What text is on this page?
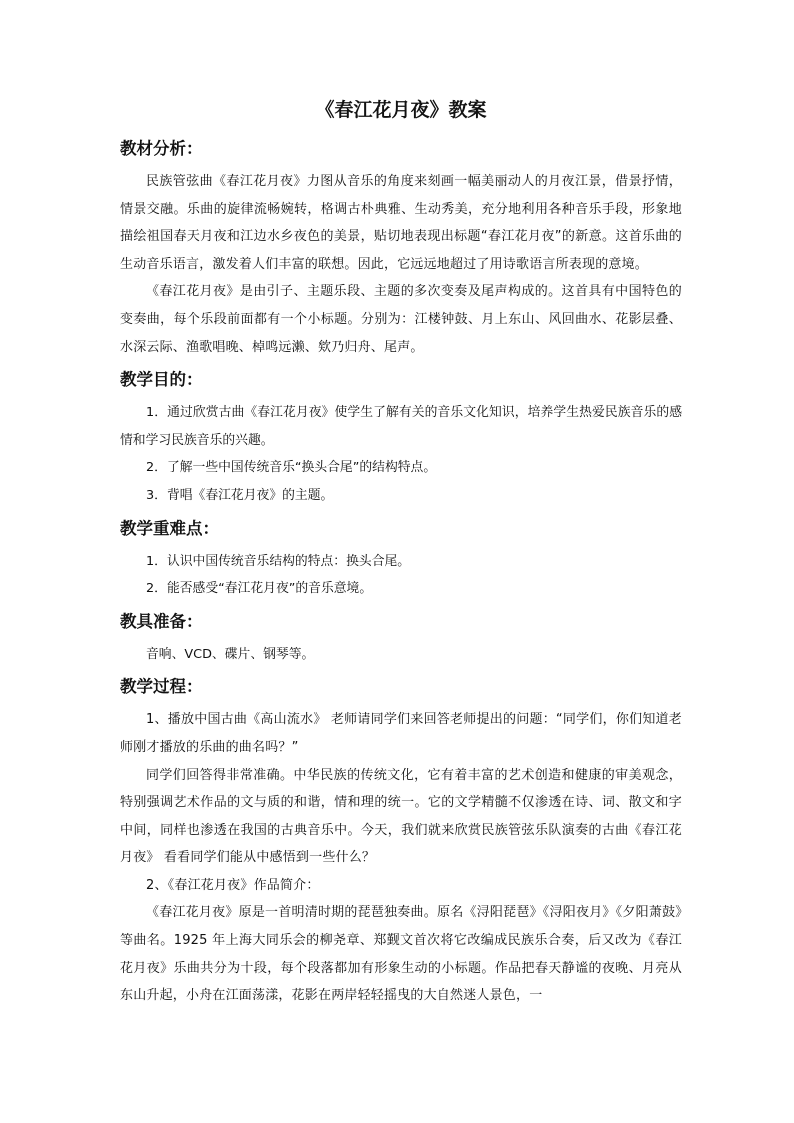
《春江花月夜》教案
教材分析：

民族管弦曲《春江花月夜》力图从音乐的角度来刻画一幅美丽动人的月夜江景，借景抒情，情景交融。乐曲的旋律流畅婉转，格调古朴典雅、生动秀美，充分地利用各种音乐手段，形象地描绘祖国春天月夜和江边水乡夜色的美景，贴切地表现出标题“春江花月夜”的新意。这首乐曲的生动音乐语言，激发着人们丰富的联想。因此，它远远地超过了用诗歌语言所表现的意境。

《春江花月夜》是由引子、主题乐段、主题的多次变奏及尾声构成的。这首具有中国特色的变奏曲，每个乐段前面都有一个小标题。分别为：江楼钟鼓、月上东山、风回曲水、花影层叠、水深云际、渔歌唱晚、棹鸣远濑、欸乃归舟、尾声。

教学目的：

1．通过欣赏古曲《春江花月夜》使学生了解有关的音乐文化知识，培养学生热爱民族音乐的感情和学习民族音乐的兴趣。

2．了解一些中国传统音乐“换头合尾”的结构特点。

3．背唱《春江花月夜》的主题。

教学重难点：

1．认识中国传统音乐结构的特点：换头合尾。

2．能否感受“春江花月夜”的音乐意境。

教具准备：

音响、VCD、碟片、钢琴等。

教学过程：

1、播放中国古曲《高山流水》 老师请同学们来回答老师提出的问题：“同学们，你们知道老师刚才播放的乐曲的曲名吗？”

同学们回答得非常准确。中华民族的传统文化，它有着丰富的艺术创造和健康的审美观念，特别强调艺术作品的文与质的和谐，情和理的统一。它的文学精髓不仅渗透在诗、词、散文和字中间，同样也渗透在我国的古典音乐中。今天，我们就来欣赏民族管弦乐队演奏的古曲《春江花月夜》 看看同学们能从中感悟到一些什么？

2、《春江花月夜》作品简介：

《春江花月夜》原是一首明清时期的琵琶独奏曲。原名《浔阳琵琶》《浔阳夜月》《夕阳萧鼓》等曲名。1925 年上海大同乐会的柳尧章、郑觐文首次将它改编成民族乐合奏，后又改为《春江花月夜》乐曲共分为十段，每个段落都加有形象生动的小标题。作品把春天静谧的夜晚、月亮从东山升起，小舟在江面荡漾，花影在两岸轻轻摇曳的大自然迷人景色，一
